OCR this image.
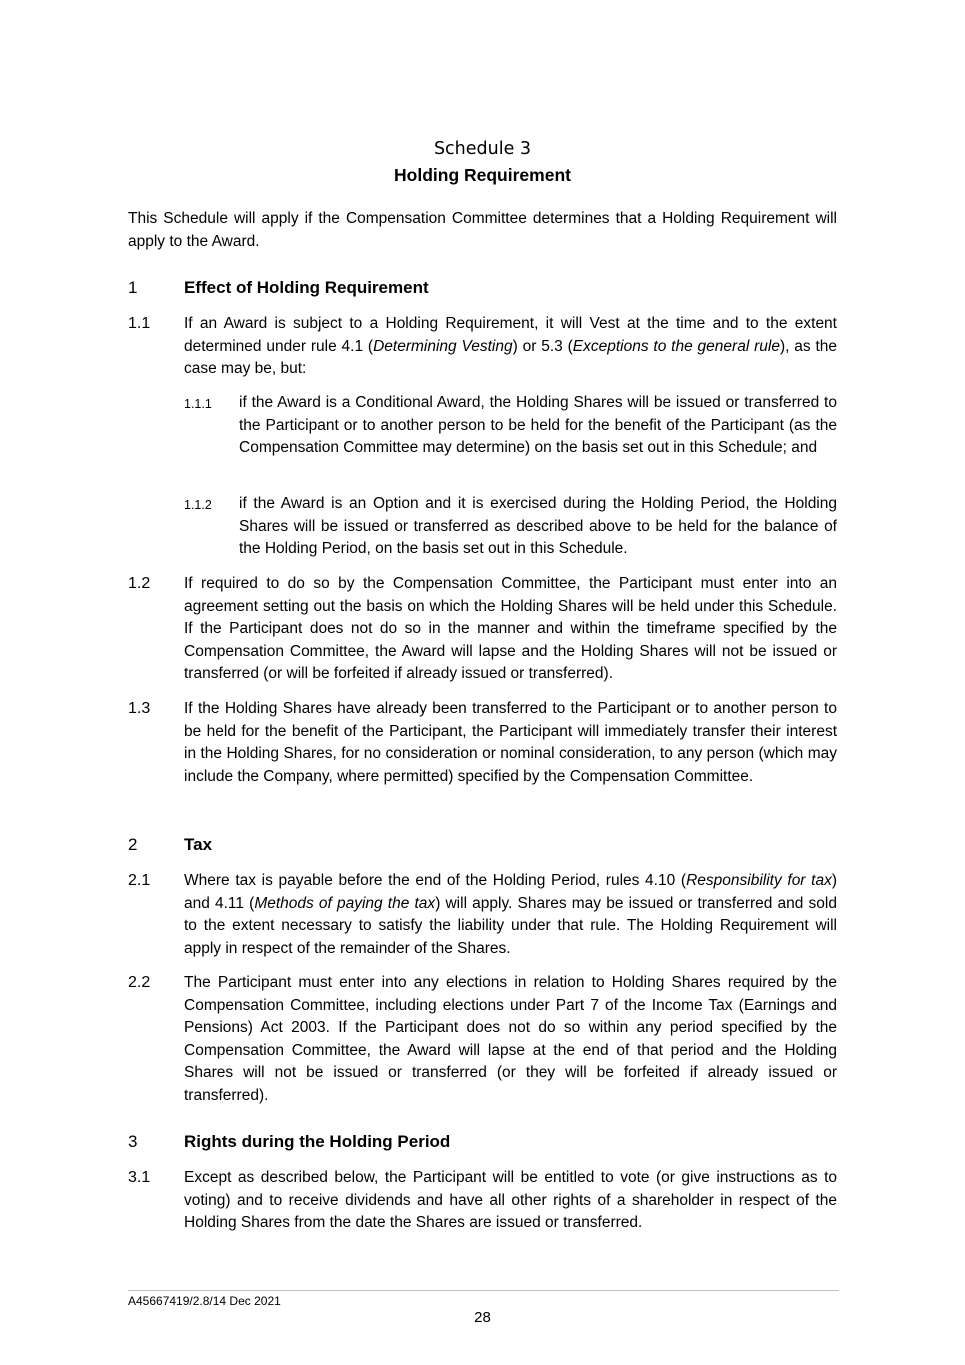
Schedule 3
Holding Requirement
This Schedule will apply if the Compensation Committee determines that a Holding Requirement will apply to the Award.
1	Effect of Holding Requirement
1.1 If an Award is subject to a Holding Requirement, it will Vest at the time and to the extent determined under rule 4.1 (Determining Vesting) or 5.3 (Exceptions to the general rule), as the case may be, but:
1.1.1 if the Award is a Conditional Award, the Holding Shares will be issued or transferred to the Participant or to another person to be held for the benefit of the Participant (as the Compensation Committee may determine) on the basis set out in this Schedule; and
1.1.2 if the Award is an Option and it is exercised during the Holding Period, the Holding Shares will be issued or transferred as described above to be held for the balance of the Holding Period, on the basis set out in this Schedule.
1.2 If required to do so by the Compensation Committee, the Participant must enter into an agreement setting out the basis on which the Holding Shares will be held under this Schedule. If the Participant does not do so in the manner and within the timeframe specified by the Compensation Committee, the Award will lapse and the Holding Shares will not be issued or transferred (or will be forfeited if already issued or transferred).
1.3 If the Holding Shares have already been transferred to the Participant or to another person to be held for the benefit of the Participant, the Participant will immediately transfer their interest in the Holding Shares, for no consideration or nominal consideration, to any person (which may include the Company, where permitted) specified by the Compensation Committee.
2	Tax
2.1 Where tax is payable before the end of the Holding Period, rules 4.10 (Responsibility for tax) and 4.11 (Methods of paying the tax) will apply. Shares may be issued or transferred and sold to the extent necessary to satisfy the liability under that rule. The Holding Requirement will apply in respect of the remainder of the Shares.
2.2 The Participant must enter into any elections in relation to Holding Shares required by the Compensation Committee, including elections under Part 7 of the Income Tax (Earnings and Pensions) Act 2003. If the Participant does not do so within any period specified by the Compensation Committee, the Award will lapse at the end of that period and the Holding Shares will not be issued or transferred (or they will be forfeited if already issued or transferred).
3	Rights during the Holding Period
3.1 Except as described below, the Participant will be entitled to vote (or give instructions as to voting) and to receive dividends and have all other rights of a shareholder in respect of the Holding Shares from the date the Shares are issued or transferred.
A45667419/2.8/14 Dec 2021
28
